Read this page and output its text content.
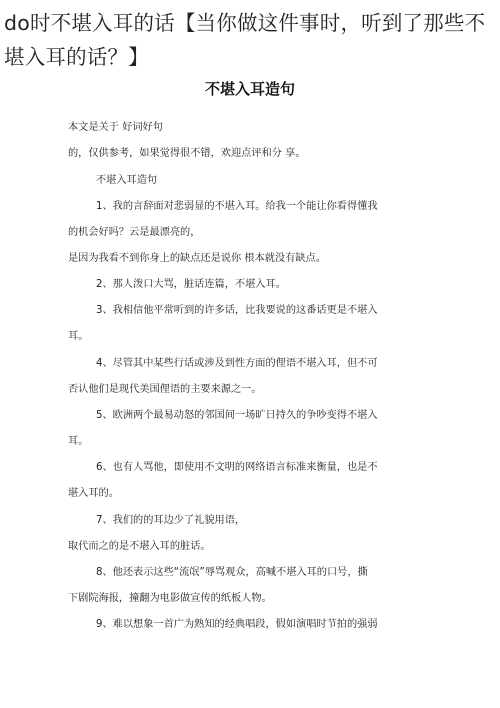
do时不堪入耳的话【当你做这件事时，听到了那些不堪入耳的话？】
不堪入耳造句
本文是关于 好词好句
的，仅供参考，如果觉得很不错，欢迎点评和分 享。
不堪入耳造句
1、我的言辞面对悲弱显的不堪入耳。给我一个能让你看得懂我
的机会好吗？云是最漂亮的，
是因为我看不到你身上的缺点还是说你 根本就没有缺点。
2、那人泼口大骂，脏话连篇，不堪入耳。
3、我相信他平常听到的许多话，比我要说的这番话更是不堪入
耳。
4、尽管其中某些行话或涉及到性方面的俚语不堪入耳，但不可
否认他们是现代美国俚语的主要来源之一。
5、欧洲两个最易动怒的邻国间一场旷日持久的争吵变得不堪入
耳。
6、也有人骂他，即使用不文明的网络语言标准来衡量，也是不
堪入耳的。
7、我们的的耳边少了礼貌用语，
取代而之的是不堪入耳的脏话。
8、他还表示这些“流氓”辱骂观众，高喊不堪入耳的口号，撕
下剧院海报，撞翻为电影做宣传的纸板人物。
9、难以想象一首广为熟知的经典唱段，假如演唱时节拍的强弱
